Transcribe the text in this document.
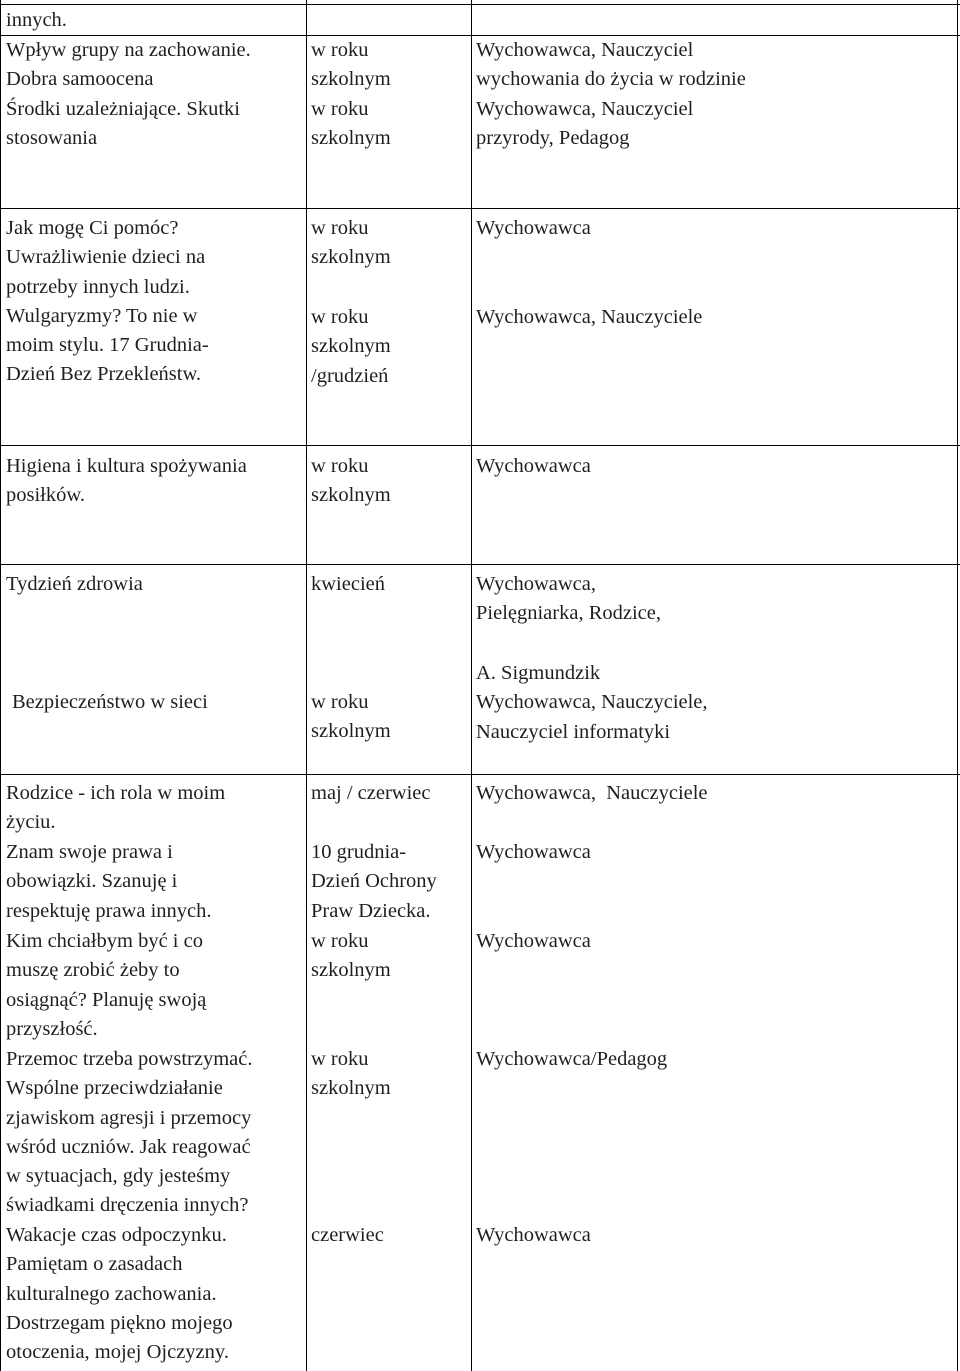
innych.

Wpływ grupy na zachowanie.
Dobra samoocena

Środki uzależniające. Skutki
stosowania

w roku
szkolnym

w roku
szkolnym

Wychowawca, Nauczyciel
wychowania do życia w rodzinie

Wychowawca, Nauczyciel
przyrody, Pedagog

Jak mogę Ci pomóc?
Uwrażliwienie dzieci na
potrzeby innych ludzi.
Wulgaryzmy? To nie w
moim stylu. 17 Grudnia-
Dzień Bez Przekleństw.

w roku
szkolnym

w roku
szkolnym
/grudzień

Wychowawca

Wychowawca, Nauczyciele

Higiena i kultura spożywania
posiłków.

w roku
szkolnym

Wychowawca

Tydzień zdrowia

Bezpieczeństwo w sieci

kwiecień

w roku
szkolnym

Wychowawca,
Pielęgniarka, Rodzice,

A. Sigmundzik
Wychowawca, Nauczyciele,
Nauczyciel informatyki

Rodzice - ich rola w moim
życiu.

Znam swoje prawa i
obowiązki. Szanuję i
respektuję prawa innych.

Kim chciałbym być i co
muszę zrobić żeby to
osiągnąć? Planuję swoją
przyszłość.

Przemoc trzeba powstrzymać.
Wspólne przeciwdziałanie
zjawiskom agresji i przemocy
wśród uczniów. Jak reagować
w sytuacjach, gdy jesteśmy
świadkami dręczenia innych?

Wakacje czas odpoczynku.
Pamiętam o zasadach
kulturalnego zachowania.
Dostrzegam piękno mojego
otoczenia, mojej Ojczyzny.

maj / czerwiec

10 grudnia-
Dzień Ochrony
Praw Dziecka.

w roku
szkolnym

w roku
szkolnym

czerwiec

Wychowawca,  Nauczyciele

Wychowawca

Wychowawca

Wychowawca/Pedagog

Wychowawca
